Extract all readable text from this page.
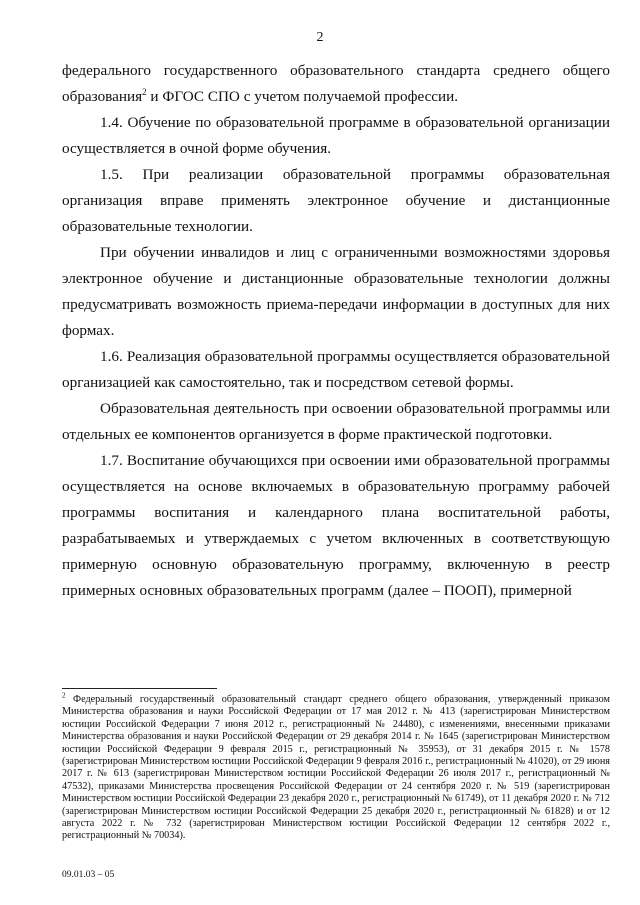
2

федерального государственного образовательного стандарта среднего общего образования$^2$ и ФГОС СПО с учетом получаемой профессии.

1.4. Обучение по образовательной программе в образовательной организации осуществляется в очной форме обучения.

1.5. При реализации образовательной программы образовательная организация вправе применять электронное обучение и дистанционные образовательные технологии.

При обучении инвалидов и лиц с ограниченными возможностями здоровья электронное обучение и дистанционные образовательные технологии должны предусматривать возможность приема-передачи информации в доступных для них формах.

1.6. Реализация образовательной программы осуществляется образовательной организацией как самостоятельно, так и посредством сетевой формы.

Образовательная деятельность при освоении образовательной программы или отдельных ее компонентов организуется в форме практической подготовки.

1.7. Воспитание обучающихся при освоении ими образовательной программы осуществляется на основе включаемых в образовательную программу рабочей программы воспитания и календарного плана воспитательной работы, разрабатываемых и утверждаемых с учетом включенных в соответствующую примерную основную образовательную программу, включенную в реестр примерных основных образовательных программ (далее – ПООП), примерной

$^2$ Федеральный государственный образовательный стандарт среднего общего образования, утвержденный приказом Министерства образования и науки Российской Федерации от 17 мая 2012 г. № 413 (зарегистрирован Министерством юстиции Российской Федерации 7 июня 2012 г., регистрационный № 24480), с изменениями, внесенными приказами Министерства образования и науки Российской Федерации от 29 декабря 2014 г. № 1645 (зарегистрирован Министерством юстиции Российской Федерации 9 февраля 2015 г., регистрационный № 35953), от 31 декабря 2015 г. № 1578 (зарегистрирован Министерством юстиции Российской Федерации 9 февраля 2016 г., регистрационный № 41020), от 29 июня 2017 г. № 613 (зарегистрирован Министерством юстиции Российской Федерации 26 июля 2017 г., регистрационный № 47532), приказами Министерства просвещения Российской Федерации от 24 сентября 2020 г. № 519 (зарегистрирован Министерством юстиции Российской Федерации 23 декабря 2020 г., регистрационный № 61749), от 11 декабря 2020 г. № 712 (зарегистрирован Министерством юстиции Российской Федерации 25 декабря 2020 г., регистрационный № 61828) и от 12 августа 2022 г. № 732 (зарегистрирован Министерством юстиции Российской Федерации 12 сентября 2022 г., регистрационный № 70034).
09.01.03 – 05
